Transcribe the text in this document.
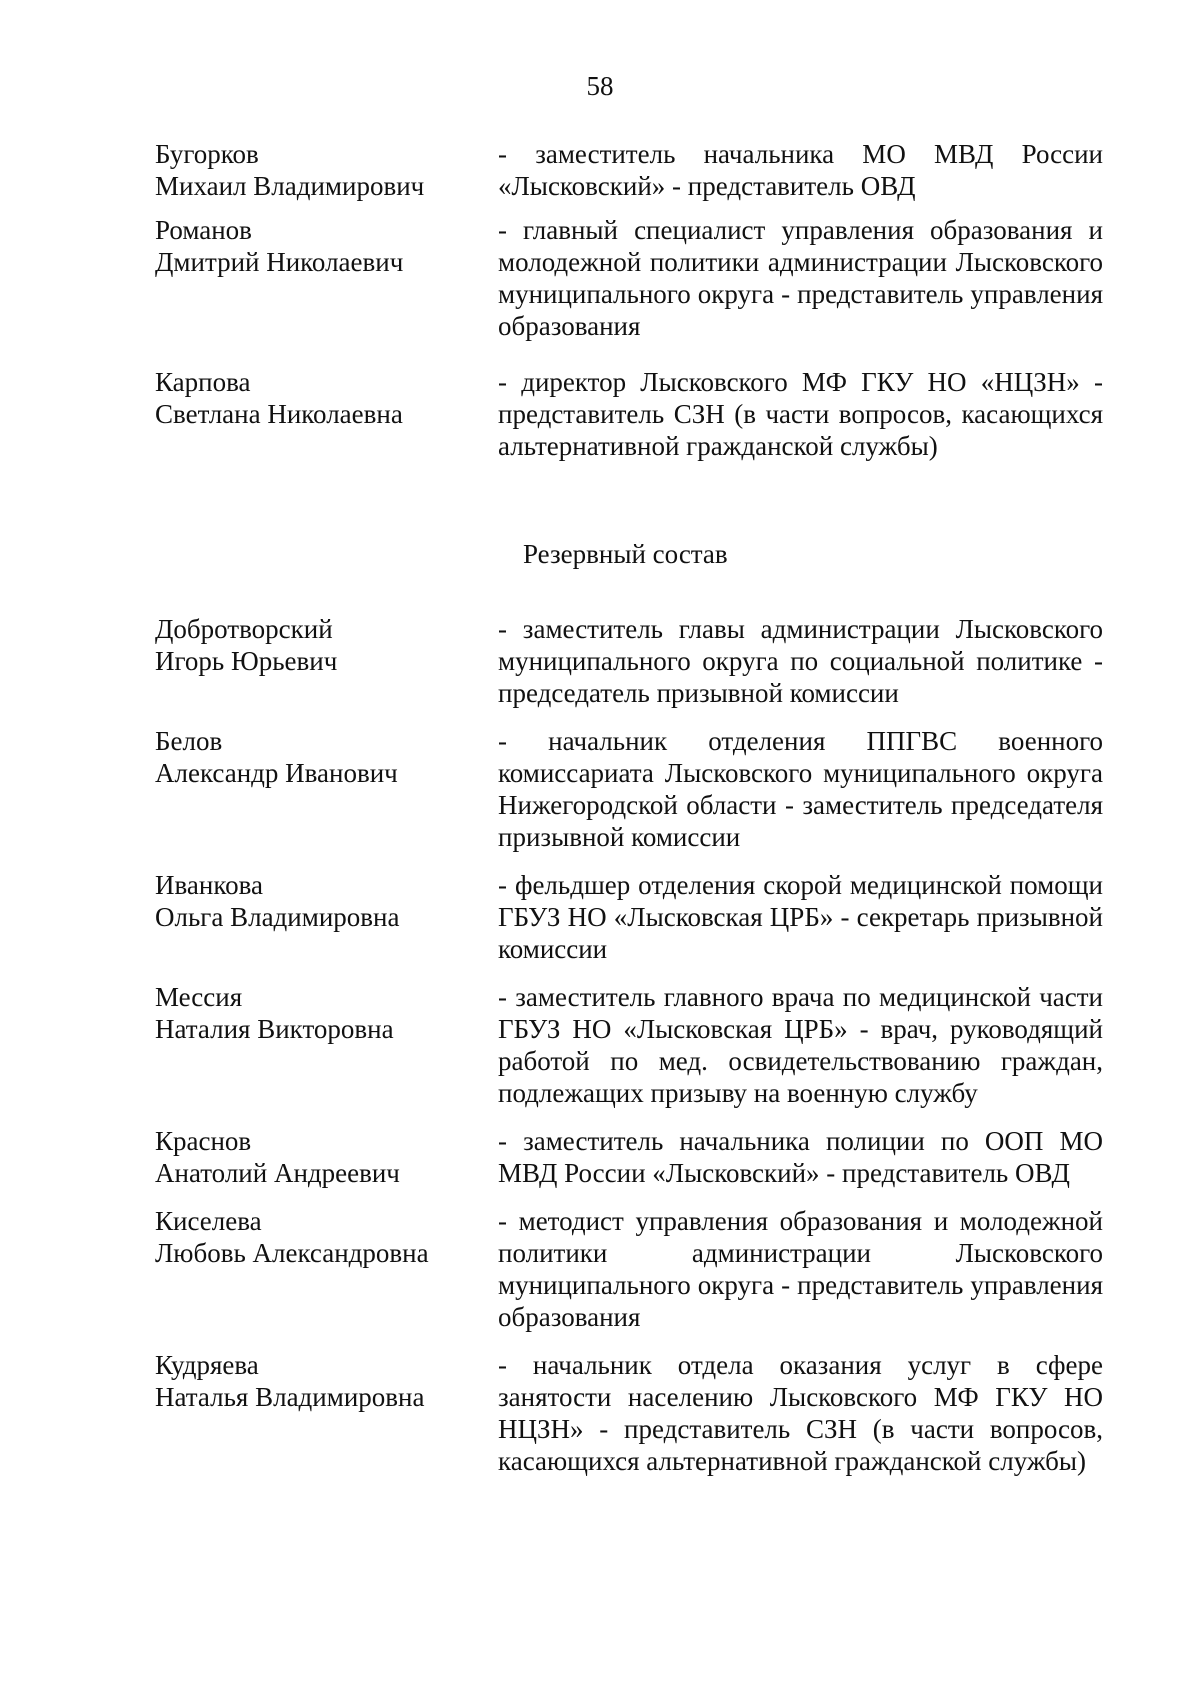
58
Бугорков
Михаил Владимирович
- заместитель начальника МО МВД России «Лысковский» - представитель ОВД
Романов
Дмитрий Николаевич
- главный специалист управления образования и молодежной политики администрации Лысковского муниципального округа - представитель управления образования
Карпова
Светлана Николаевна
- директор Лысковского МФ ГКУ НО «НЦЗН» - представитель СЗН (в части вопросов, касающихся альтернативной гражданской службы)
Резервный состав
Добротворский
Игорь Юрьевич
- заместитель главы администрации Лысковского муниципального округа по социальной политике - председатель призывной комиссии
Белов
Александр Иванович
- начальник отделения ППГВС военного комиссариата Лысковского муниципального округа Нижегородской области - заместитель председателя призывной комиссии
Иванкова
Ольга Владимировна
- фельдшер отделения скорой медицинской помощи ГБУЗ НО «Лысковская ЦРБ» - секретарь призывной комиссии
Мессия
Наталия Викторовна
- заместитель главного врача по медицинской части ГБУЗ НО «Лысковская ЦРБ» - врач, руководящий работой по мед. освидетельствованию граждан, подлежащих призыву на военную службу
Краснов
Анатолий Андреевич
- заместитель начальника полиции по ООП МО МВД России «Лысковский» - представитель ОВД
Киселева
Любовь Александровна
- методист управления образования и молодежной политики администрации Лысковского муниципального округа - представитель управления образования
Кудряева
Наталья Владимировна
- начальник отдела оказания услуг в сфере занятости населению Лысковского МФ ГКУ НО НЦЗН» - представитель СЗН (в части вопросов, касающихся альтернативной гражданской службы)
